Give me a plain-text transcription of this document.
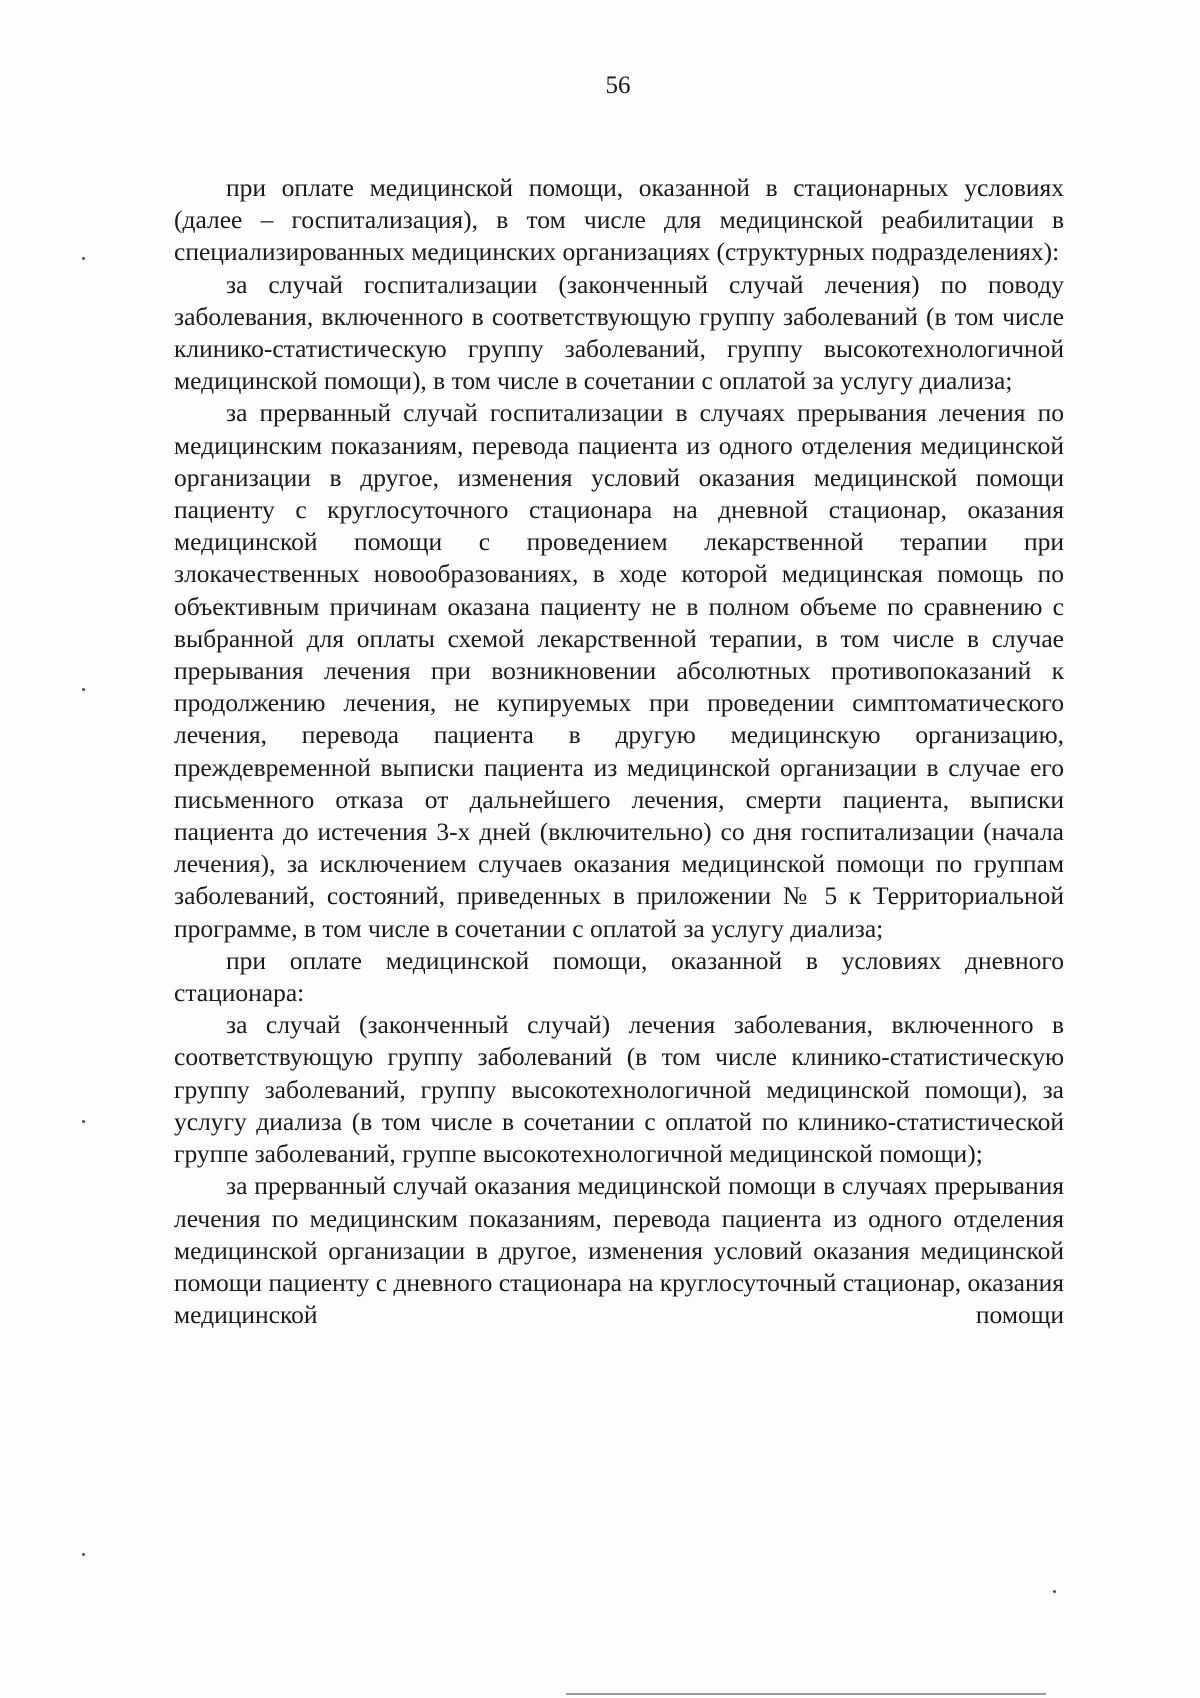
56

при оплате медицинской помощи, оказанной в стационарных условиях (далее – госпитализация), в том числе для медицинской реабилитации в специализированных медицинских организациях (структурных подразделениях):

за случай госпитализации (законченный случай лечения) по поводу заболевания, включенного в соответствующую группу заболеваний (в том числе клинико-статистическую группу заболеваний, группу высокотехнологичной медицинской помощи), в том числе в сочетании с оплатой за услугу диализа;

за прерванный случай госпитализации в случаях прерывания лечения по медицинским показаниям, перевода пациента из одного отделения медицинской организации в другое, изменения условий оказания медицинской помощи пациенту с круглосуточного стационара на дневной стационар, оказания медицинской помощи с проведением лекарственной терапии при злокачественных новообразованиях, в ходе которой медицинская помощь по объективным причинам оказана пациенту не в полном объеме по сравнению с выбранной для оплаты схемой лекарственной терапии, в том числе в случае прерывания лечения при возникновении абсолютных противопоказаний к продолжению лечения, не купируемых при проведении симптоматического лечения, перевода пациента в другую медицинскую организацию, преждевременной выписки пациента из медицинской организации в случае его письменного отказа от дальнейшего лечения, смерти пациента, выписки пациента до истечения 3-х дней (включительно) со дня госпитализации (начала лечения), за исключением случаев оказания медицинской помощи по группам заболеваний, состояний, приведенных в приложении № 5 к Территориальной программе, в том числе в сочетании с оплатой за услугу диализа;

при оплате медицинской помощи, оказанной в условиях дневного стационара:

за случай (законченный случай) лечения заболевания, включенного в соответствующую группу заболеваний (в том числе клинико-статистическую группу заболеваний, группу высокотехнологичной медицинской помощи), за услугу диализа (в том числе в сочетании с оплатой по клинико-статистической группе заболеваний, группе высокотехнологичной медицинской помощи);

за прерванный случай оказания медицинской помощи в случаях прерывания лечения по медицинским показаниям, перевода пациента из одного отделения медицинской организации в другое, изменения условий оказания медицинской помощи пациенту с дневного стационара на круглосуточный стационар, оказания медицинской помощи
